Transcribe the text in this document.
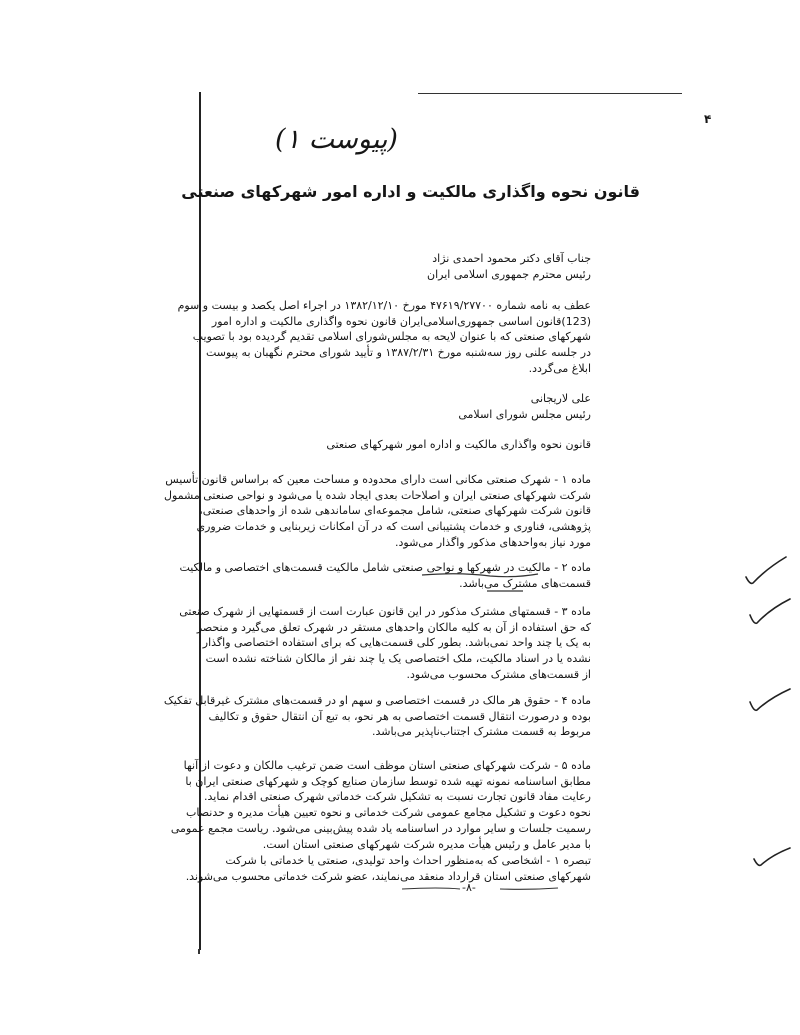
۴
(پیوست ۱)
قانون نحوه واگذاری مالکیت و اداره امور شهرکهای صنعتی
جناب آقای دکتر محمود احمدی نژاد
رئیس محترم جمهوری اسلامی ایران
عطف به نامه شماره ۴۷۶۱۹/۲۷۷۰۰ مورخ ۱۳۸۲/۱۲/۱۰ در اجراء اصل یکصد و بیست و سوم
(123)قانون اساسی جمهوری‌اسلامی‌ایران قانون نحوه واگذاری مالکیت و اداره امور
شهرکهای صنعتی که با عنوان لایحه به مجلس‌شورای اسلامی تقدیم گردیده بود با تصویب
در جلسه علنی روز سه‌شنبه مورخ ۱۳۸۷/۲/۳۱ و تأیید شورای محترم نگهبان به پیوست
ابلاغ می‌گردد.
علی لاریجانی
رئیس مجلس شورای اسلامی
قانون نحوه واگذاری مالکیت و اداره امور شهرکهای صنعتی
ماده ۱ - شهرک صنعتی مکانی است دارای محدوده و مساحت معین که براساس قانون تأسیس
شرکت شهرکهای صنعتی ایران و اصلاحات بعدی ایجاد شده یا می‌شود و نواحی صنعتی مشمول
قانون شرکت شهرکهای صنعتی، شامل مجموعه‌ای ساماندهی شده از واحدهای صنعتی،
پژوهشی، فناوری و خدمات پشتیبانی است که در آن امکانات زیربنایی و خدمات ضروری
مورد نیاز به‌واحدهای مذکور واگذار می‌شود.
ماده ۲ - مالکیت در شهرکها و نواحی صنعتی شامل مالکیت قسمت‌های اختصاصی و مالکیت
قسمت‌های مشترک می‌باشد.
ماده ۳ - قسمتهای مشترک مذکور در این قانون عبارت است از قسمتهایی از شهرک صنعتی
که حق استفاده از آن به کلیه مالکان واحدهای مستقر در شهرک تعلق می‌گیرد و منحصر
به یک یا چند واحد نمی‌باشد. بطور کلی قسمت‌هایی که برای استفاده اختصاصی واگذار
نشده یا در اسناد مالکیت، ملک اختصاصی یک یا چند نفر از مالکان شناخته نشده است
از قسمت‌های مشترک محسوب می‌شود.
ماده ۴ - حقوق هر مالک در قسمت اختصاصی و سهم او در قسمت‌های مشترک غیرقابل تفکیک
بوده و درصورت انتقال قسمت اختصاصی به هر نحو، به تبع آن انتقال حقوق و تکالیف
مربوط به قسمت مشترک اجتناب‌ناپذیر می‌باشد.
ماده ۵ - شرکت شهرکهای صنعتی استان موظف است ضمن ترغیب مالکان و دعوت از آنها
مطابق اساسنامه نمونه تهیه شده توسط سازمان صنایع کوچک و شهرکهای صنعتی ایران با
رعایت مفاد قانون تجارت نسبت به تشکیل شرکت خدماتی شهرک صنعتی اقدام نماید.
نحوه دعوت و تشکیل مجامع عمومی شرکت خدماتی و نحوه تعیین هیأت مدیره و حدنصاب
رسمیت جلسات و سایر موارد در اساسنامه یاد شده پیش‌بینی می‌شود. ریاست مجمع عمومی
با مدیر عامل و رئیس هیأت مدیره شرکت شهرکهای صنعتی استان است.
تبصره ۱ - اشخاصی که به‌منظور احداث واحد تولیدی، صنعتی یا خدماتی با شرکت
شهرکهای صنعتی استان قرارداد منعقد می‌نمایند، عضو شرکت خدماتی محسوب می‌شوند.
-۸-
